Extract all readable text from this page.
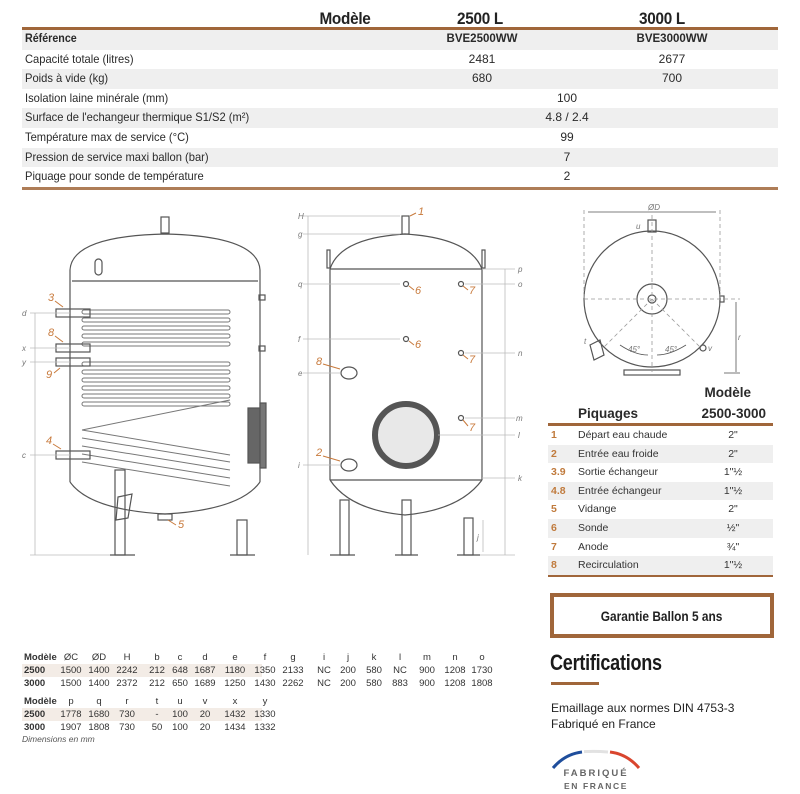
Modèle	2500 L	3000 L
Référence	BVE2500WW	BVE3000WW
Capacité totale (litres)	2481	2677
Poids à vide (kg)	680	700
Isolation laine minérale (mm)	100
Surface de l'echangeur thermique S1/S2 (m²)	4.8 / 2.4
Température max de service (°C)	99
Pression de service maxi ballon (bar)	7
Piquage pour sonde de température	2
d
x
y
c
H
g
q
f
e
i
p
o
n
m
l
k
j
ØD
u
t
v
r
45°	45°
3
8
9
4
5
1
6
6
7
7
7
8
2
Modèle
Piquages	2500-3000
1 Départ eau chaude	2"
2 Entrée eau froide	2"
3.9 Sortie échangeur	1"½
4.8 Entrée échangeur	1"½
5 Vidange	2"
6 Sonde	½"
7 Anode	¾"
8 Recirculation	1"½
Garantie Ballon 5 ans
Certifications
Emaillage aux normes DIN 4753-3
Fabriqué en France
FABRIQUÉ
EN FRANCE
Modèle ØC	ØD	H	b	c	d	e	f	g	i	j	k	l	m	n	o
2500 1500 1400 2242	212 648 1687 1180 1350 2133	NC 200	580	NC	900	1208 1730
3000 1500 1400 2372	212 650 1689 1250 1430 2262	NC 200	580	883	900	1208 1808
Modèle	p	q	r	t	u	v	x	y
2500 1778 1680	730	-	100	20	1432 1330
3000 1907 1808	730	50	100	20	1434 1332
Dimensions en mm
